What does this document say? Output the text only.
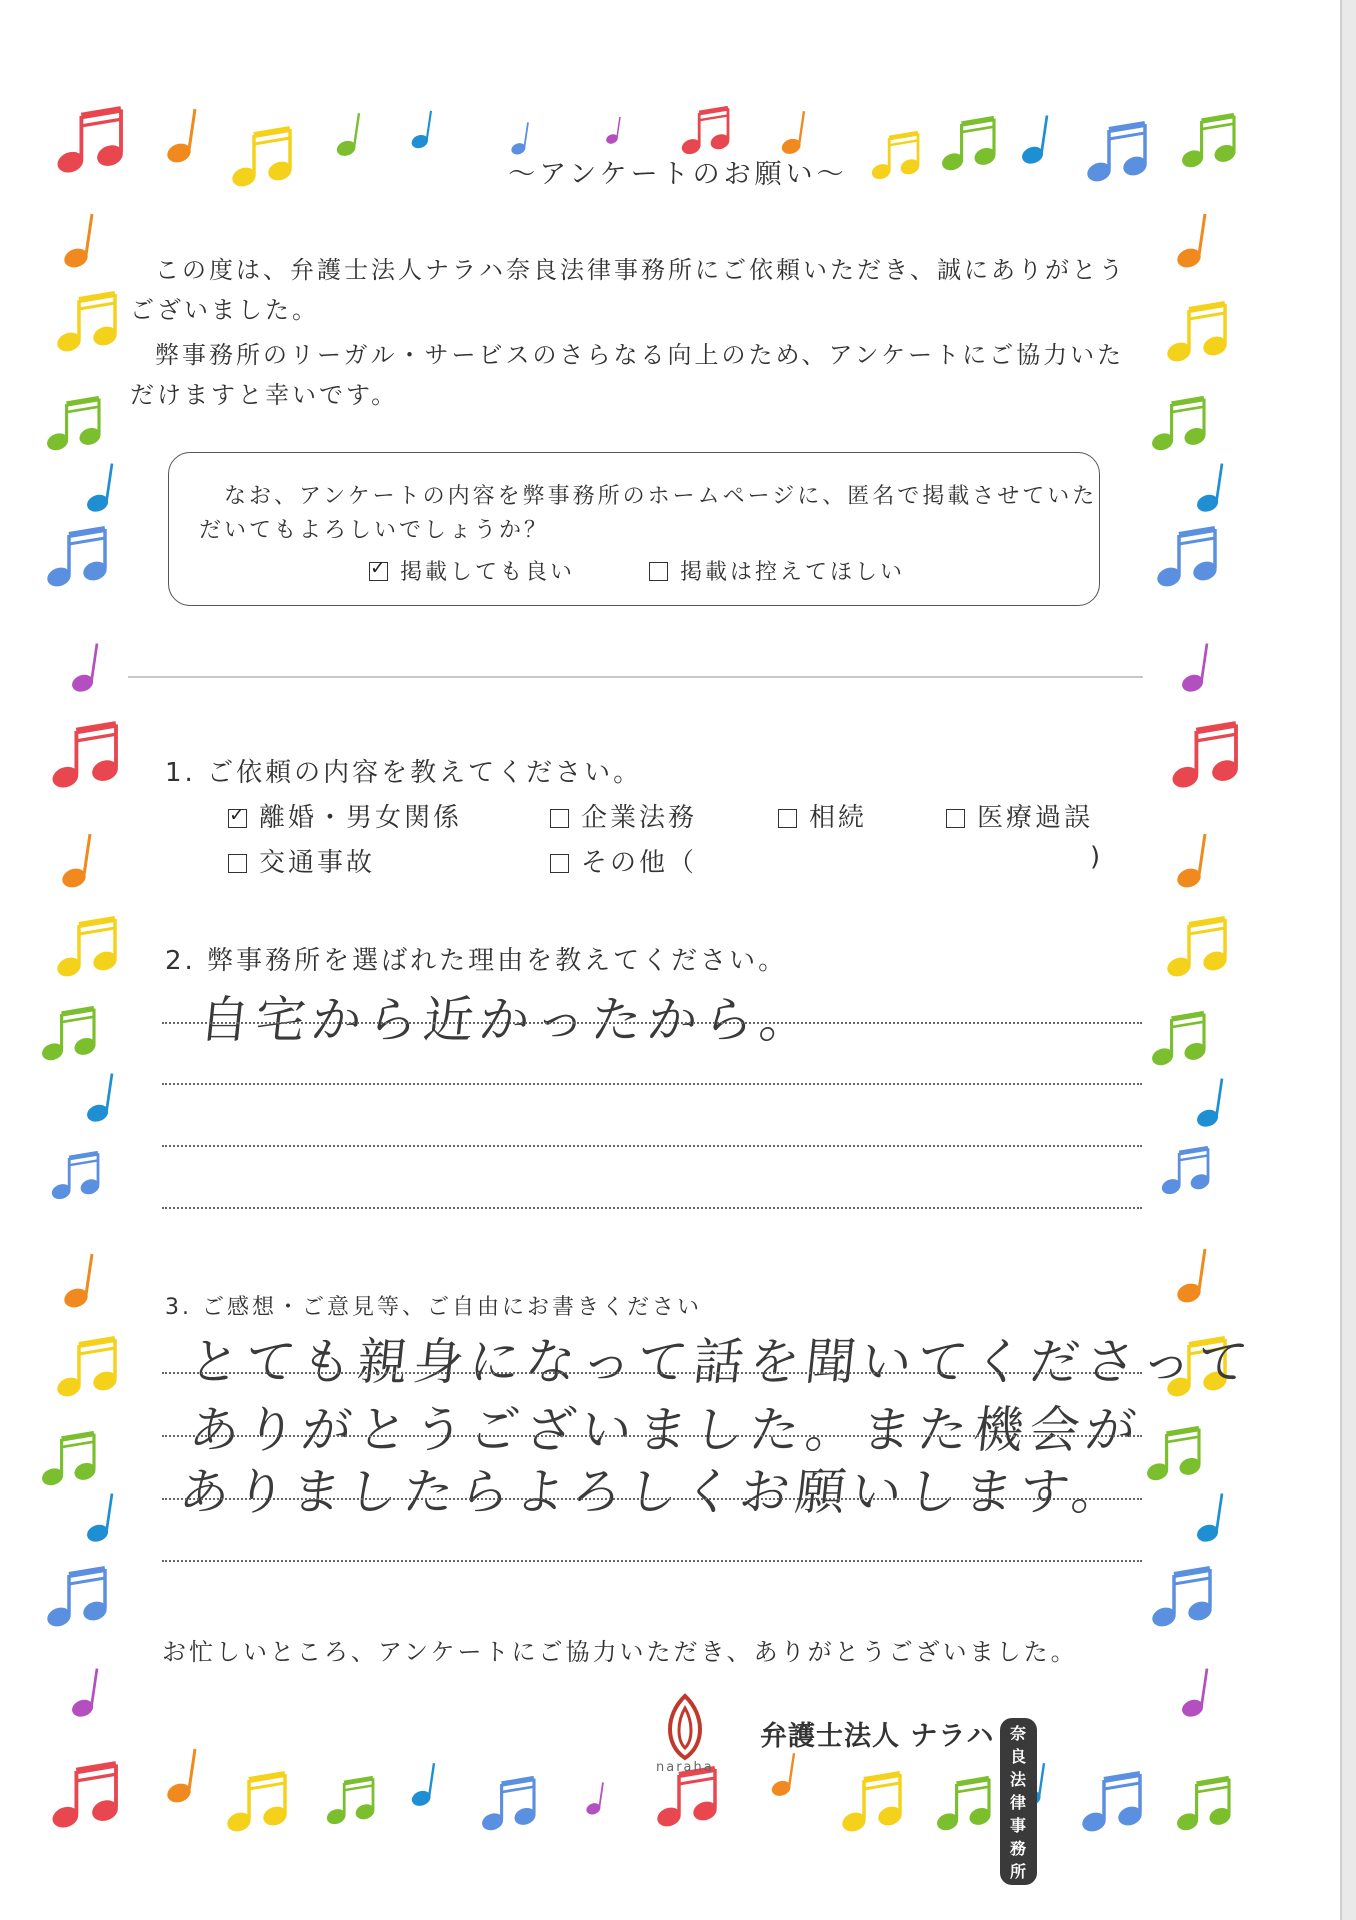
〜アンケートのお願い〜
この度は、弁護士法人ナラハ奈良法律事務所にご依頼いただき、誠にありがとう
ございました。
弊事務所のリーガル・サービスのさらなる向上のため、アンケートにご協力いた
だけますと幸いです。
なお、アンケートの内容を弊事務所のホームページに、匿名で掲載させていた
だいてもよろしいでしょうか？
✓掲載しても良い	掲載は控えてほしい
1. ご依頼の内容を教えてください。
✓離婚・男女関係	企業法務	相続	医療過誤
交通事故	その他（	)
2. 弊事務所を選ばれた理由を教えてください。
自宅から近かったから。
3. ご感想・ご意見等、ご自由にお書きください
とても親身になって話を聞いてくださって
ありがとうございました。また機会が
ありましたらよろしくお願いします。
お忙しいところ、アンケートにご協力いただき、ありがとうございました。
naraha
弁護士法人 ナラハ 奈良法律事務所
